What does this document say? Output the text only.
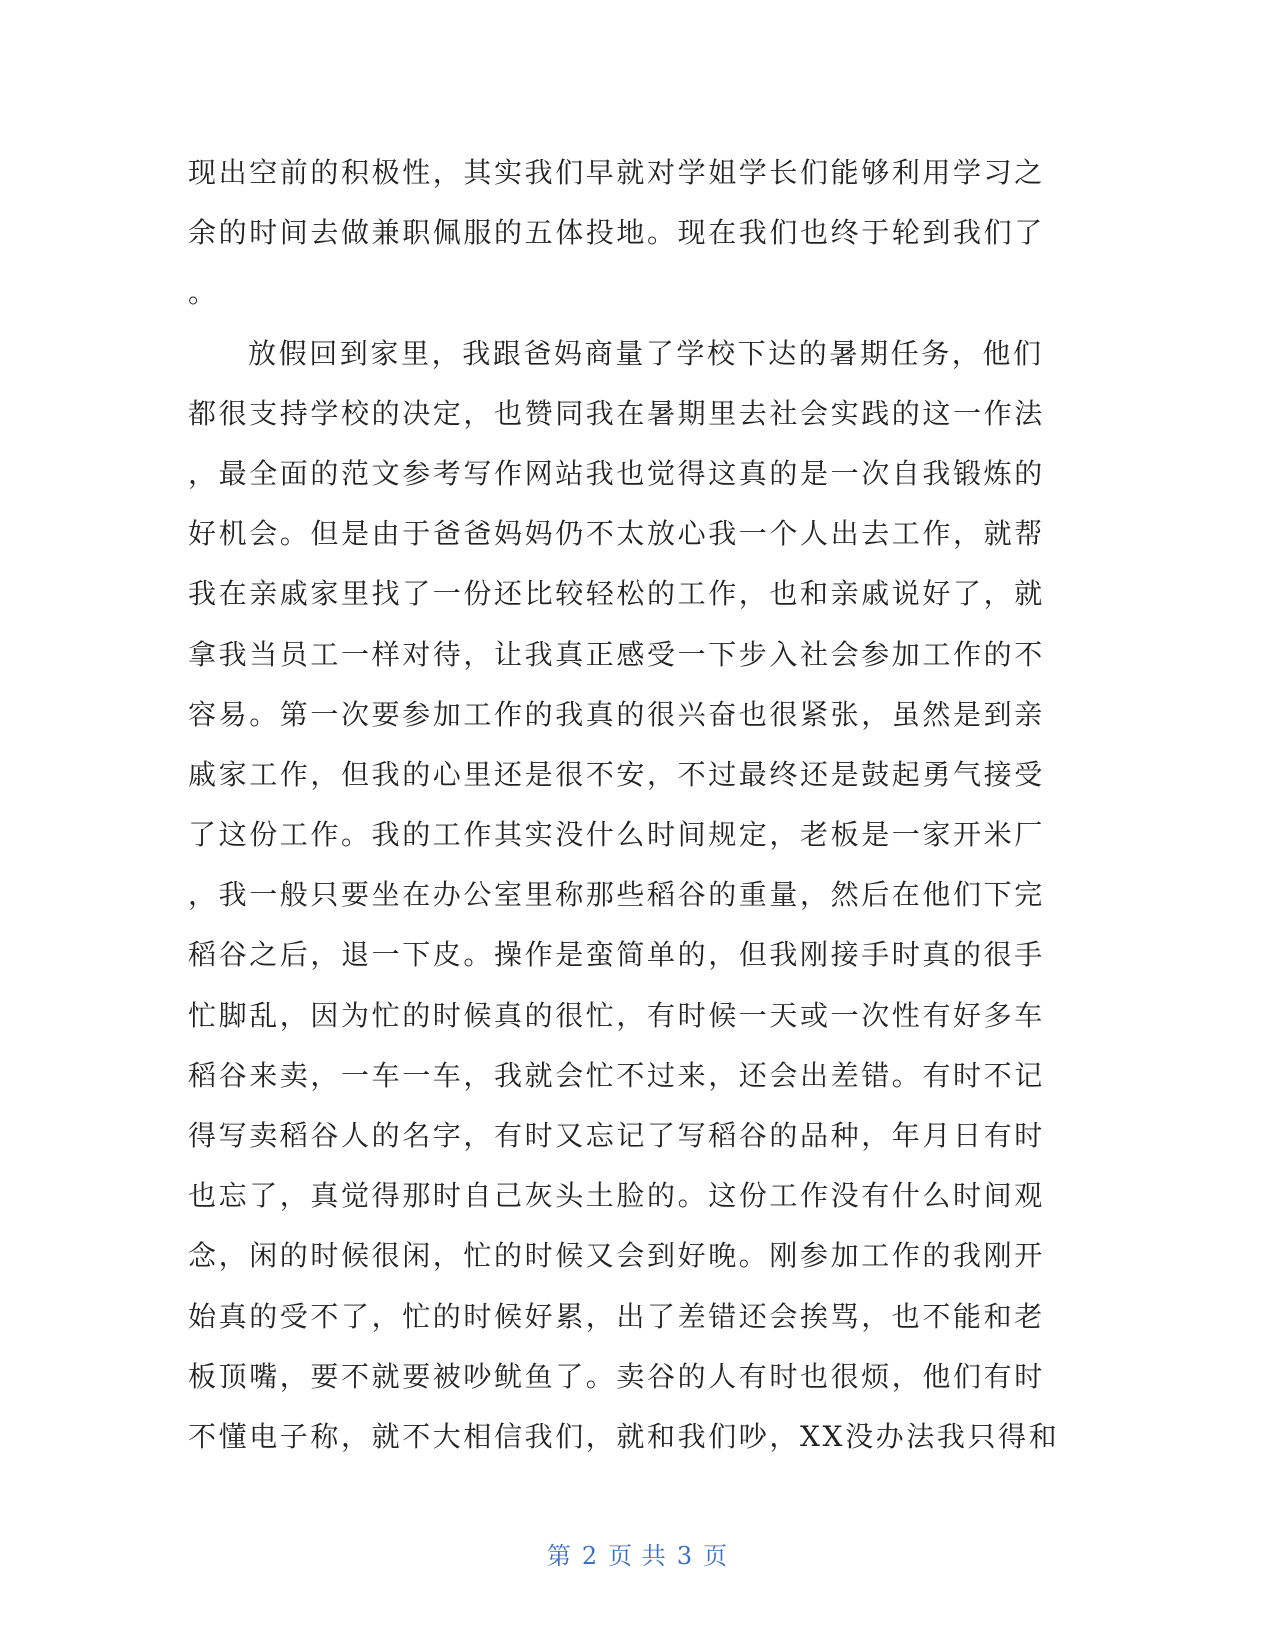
现出空前的积极性，其实我们早就对学姐学长们能够利用学习之
余的时间去做兼职佩服的五体投地。现在我们也终于轮到我们了
。
放假回到家里，我跟爸妈商量了学校下达的暑期任务，他们
都很支持学校的决定，也赞同我在暑期里去社会实践的这一作法
，最全面的范文参考写作网站我也觉得这真的是一次自我锻炼的
好机会。但是由于爸爸妈妈仍不太放心我一个人出去工作，就帮
我在亲戚家里找了一份还比较轻松的工作，也和亲戚说好了，就
拿我当员工一样对待，让我真正感受一下步入社会参加工作的不
容易。第一次要参加工作的我真的很兴奋也很紧张，虽然是到亲
戚家工作，但我的心里还是很不安，不过最终还是鼓起勇气接受
了这份工作。我的工作其实没什么时间规定，老板是一家开米厂
，我一般只要坐在办公室里称那些稻谷的重量，然后在他们下完
稻谷之后，退一下皮。操作是蛮简单的，但我刚接手时真的很手
忙脚乱，因为忙的时候真的很忙，有时候一天或一次性有好多车
稻谷来卖，一车一车，我就会忙不过来，还会出差错。有时不记
得写卖稻谷人的名字，有时又忘记了写稻谷的品种，年月日有时
也忘了，真觉得那时自己灰头土脸的。这份工作没有什么时间观
念，闲的时候很闲，忙的时候又会到好晚。刚参加工作的我刚开
始真的受不了，忙的时候好累，出了差错还会挨骂，也不能和老
板顶嘴，要不就要被吵鱿鱼了。卖谷的人有时也很烦，他们有时
不懂电子称，就不大相信我们，就和我们吵，XX没办法我只得和
第 2 页 共 3 页
